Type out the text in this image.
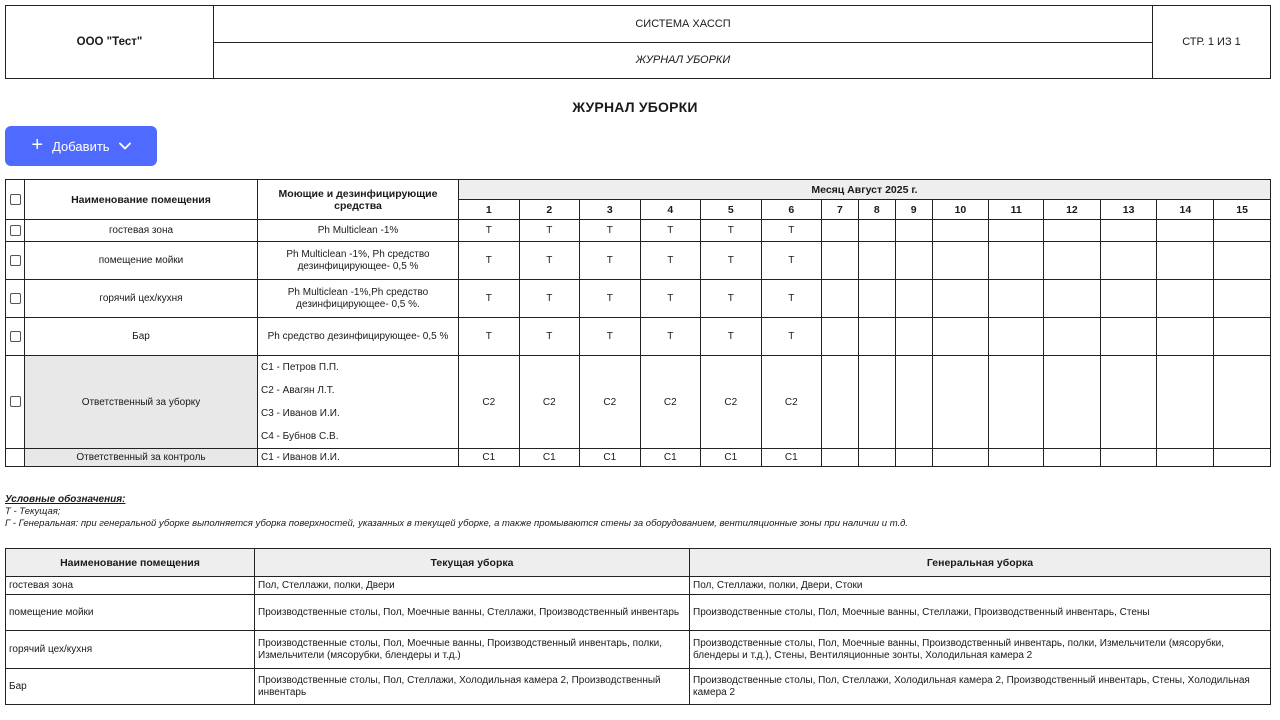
ООО "Тест"	СИСТЕМА ХАССП	СТР. 1 ИЗ 1
ЖУРНАЛ УБОРКИ
ЖУРНАЛ УБОРКИ
+ Добавить
	Наименование помещения	Моющие и дезинфицирующие средства	Месяц Август 2025 г.														
			1	2	3	4	5	6	7	8	9	10	11	12	13	14	15
	гостевая зона	Ph Multiclean -1%	Т	Т	Т	Т	Т	Т									
	помещение мойки	Ph Multiclean -1%, Ph средство дезинфицирующее- 0,5 %	Т	Т	Т	Т	Т	Т									
	горячий цех/кухня	Ph Multiclean -1%,Ph средство дезинфицирующее- 0,5 %.	Т	Т	Т	Т	Т	Т									
	Бар	Ph средство дезинфицирующее- 0,5 %	Т	Т	Т	Т	Т	Т									
	Ответственный за уборку	С1 - Петров П.П.
С2 - Авагян Л.Т.
С3 - Иванов И.И.
С4 - Бубнов С.В.	С2	С2	С2	С2	С2	С2									
	Ответственный за контроль	С1 - Иванов И.И.	С1	С1	С1	С1	С1	С1									
Условные обозначения:
Т - Текущая;
Г - Генеральная: при генеральной уборке выполняется уборка поверхностей, указанных в текущей уборке, а также промываются стены за оборудованием, вентиляционные зоны при наличии и т.д.
Наименование помещения	Текущая уборка	Генеральная уборка
гостевая зона	Пол, Стеллажи, полки, Двери	Пол, Стеллажи, полки, Двери, Стоки
помещение мойки	Производственные столы, Пол, Моечные ванны, Стеллажи, Производственный инвентарь	Производственные столы, Пол, Моечные ванны, Стеллажи, Производственный инвентарь, Стены
горячий цех/кухня	Производственные столы, Пол, Моечные ванны, Производственный инвентарь, полки, Измельчители (мясорубки, блендеры и т.д.)	Производственные столы, Пол, Моечные ванны, Производственный инвентарь, полки, Измельчители (мясорубки, блендеры и т.д.), Стены, Вентиляционные зонты, Холодильная камера 2
Бар	Производственные столы, Пол, Стеллажи, Холодильная камера 2, Производственный инвентарь	Производственные столы, Пол, Стеллажи, Холодильная камера 2, Производственный инвентарь, Стены, Холодильная камера 2
